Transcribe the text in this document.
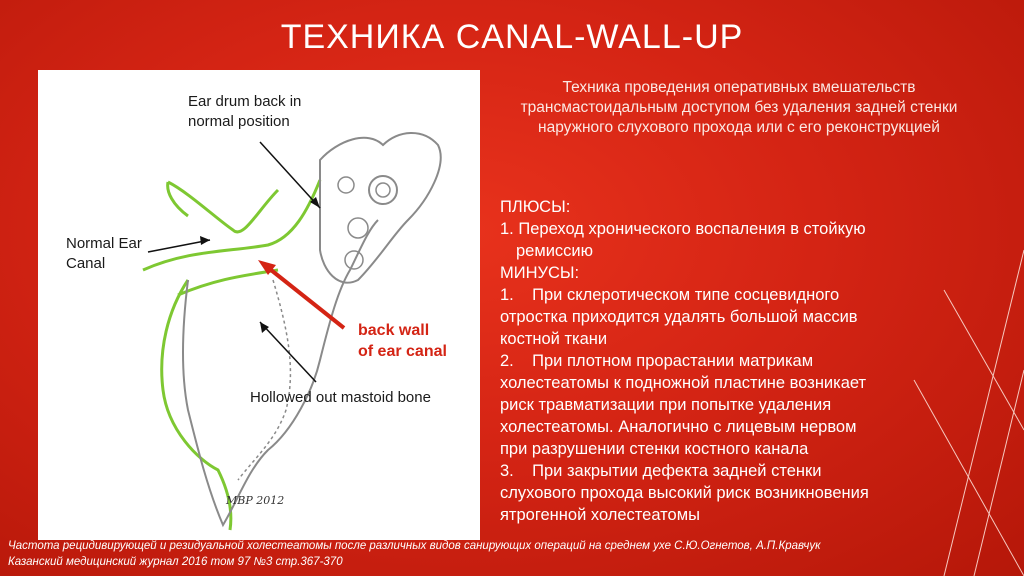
ТЕХНИКА CANAL-WALL-UP
Ear drum back in
normal position
Normal Ear
Canal
back wall
of ear canal
Hollowed out mastoid bone
MBP 2012
Техника проведения оперативных вмешательств трансмастоидальным доступом без удаления задней стенки наружного слухового прохода или с его реконструкцией
ПЛЮСЫ:
1. Переход хронического воспаления в стойкую
ремиссию
МИНУСЫ:
1. При склеротическом типе сосцевидного
отростка приходится удалять большой массив
костной ткани
2. При плотном прорастании матрикам
холестеатомы к подножной пластине возникает
риск травматизации при попытке удаления
холестеатомы. Аналогично с лицевым нервом
при разрушении стенки костного канала
3. При закрытии дефекта задней стенки
слухового прохода высокий риск возникновения
ятрогенной холестеатомы
Частота рецидивирующей и резидуальной холестеатомы после различных видов санирующих операций на среднем ухе С.Ю.Огнетов, А.П.Кравчук
Казанский медицинский журнал 2016 том 97 №3 стр.367-370
